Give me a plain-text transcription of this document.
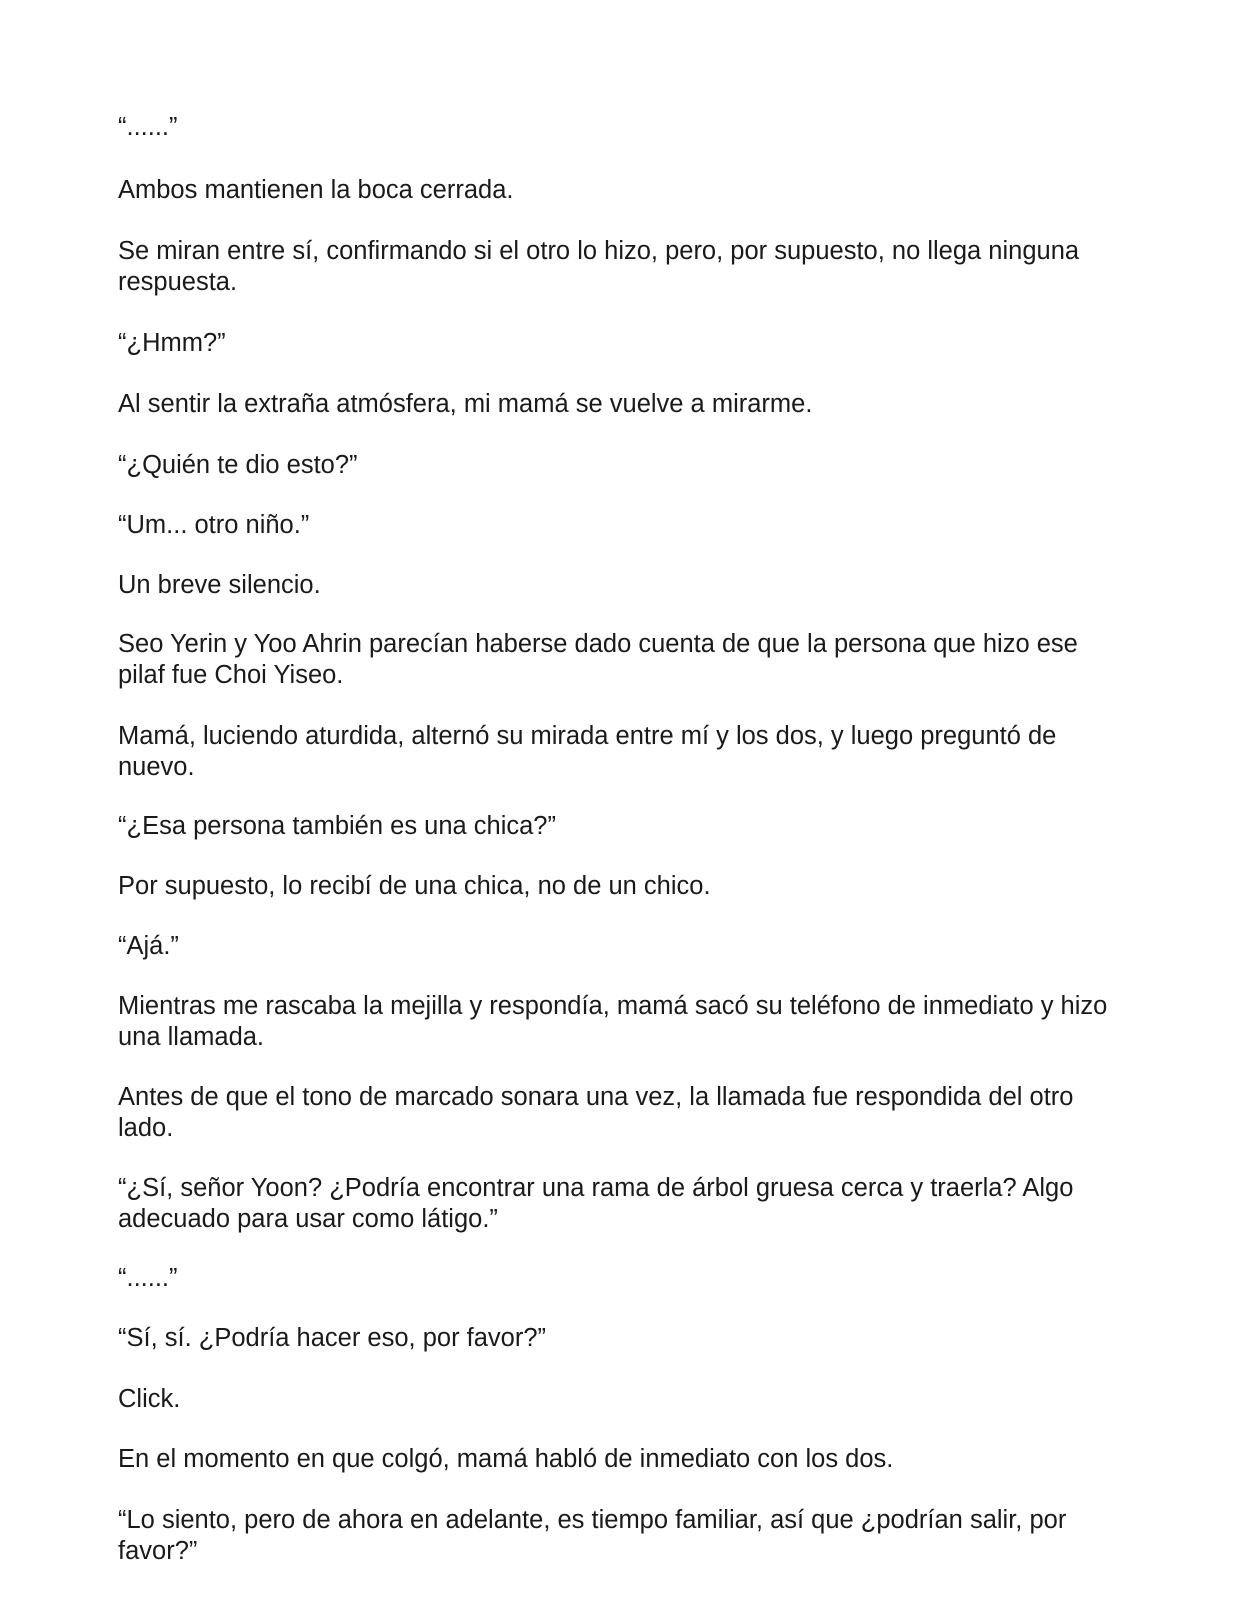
“......”

Ambos mantienen la boca cerrada.

Se miran entre sí, confirmando si el otro lo hizo, pero, por supuesto, no llega ninguna respuesta.

“¿Hmm?”

Al sentir la extraña atmósfera, mi mamá se vuelve a mirarme.

“¿Quién te dio esto?”

“Um... otro niño.”

Un breve silencio.

Seo Yerin y Yoo Ahrin parecían haberse dado cuenta de que la persona que hizo ese pilaf fue Choi Yiseo.

Mamá, luciendo aturdida, alternó su mirada entre mí y los dos, y luego preguntó de nuevo.

“¿Esa persona también es una chica?”

Por supuesto, lo recibí de una chica, no de un chico.

“Ajá.”

Mientras me rascaba la mejilla y respondía, mamá sacó su teléfono de inmediato y hizo una llamada.

Antes de que el tono de marcado sonara una vez, la llamada fue respondida del otro lado.

“¿Sí, señor Yoon? ¿Podría encontrar una rama de árbol gruesa cerca y traerla? Algo adecuado para usar como látigo.”

“......”

“Sí, sí. ¿Podría hacer eso, por favor?”

Click.

En el momento en que colgó, mamá habló de inmediato con los dos.

“Lo siento, pero de ahora en adelante, es tiempo familiar, así que ¿podrían salir, por favor?”
